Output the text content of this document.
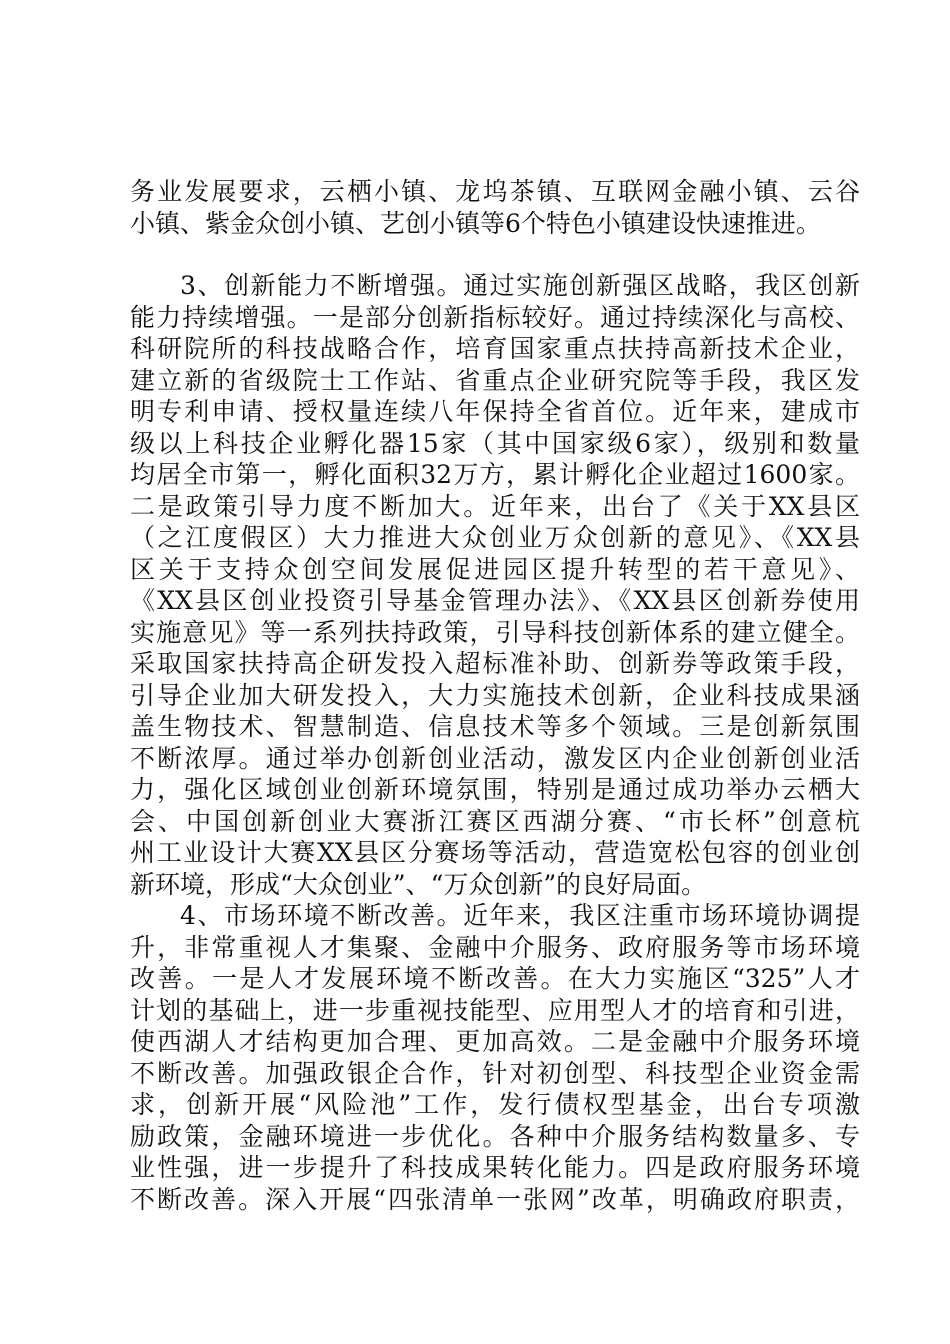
务业发展要求，云栖小镇、龙坞茶镇、互联网金融小镇、云谷
小镇、紫金众创小镇、艺创小镇等6个特色小镇建设快速推进。
3、创新能力不断增强。通过实施创新强区战略，我区创新
能力持续增强。一是部分创新指标较好。通过持续深化与高校、
科研院所的科技战略合作，培育国家重点扶持高新技术企业，
建立新的省级院士工作站、省重点企业研究院等手段，我区发
明专利申请、授权量连续八年保持全省首位。近年来，建成市
级以上科技企业孵化器15家（其中国家级6家），级别和数量
均居全市第一，孵化面积32万方，累计孵化企业超过1600家。
二是政策引导力度不断加大。近年来，出台了《关于XX县区
（之江度假区）大力推进大众创业万众创新的意见》、《XX县
区关于支持众创空间发展促进园区提升转型的若干意见》、
《XX县区创业投资引导基金管理办法》、《XX县区创新券使用
实施意见》等一系列扶持政策，引导科技创新体系的建立健全。
采取国家扶持高企研发投入超标准补助、创新券等政策手段，
引导企业加大研发投入，大力实施技术创新，企业科技成果涵
盖生物技术、智慧制造、信息技术等多个领域。三是创新氛围
不断浓厚。通过举办创新创业活动，激发区内企业创新创业活
力，强化区域创业创新环境氛围，特别是通过成功举办云栖大
会、中国创新创业大赛浙江赛区西湖分赛、“市长杯”创意杭
州工业设计大赛XX县区分赛场等活动，营造宽松包容的创业创
新环境，形成“大众创业”、“万众创新”的良好局面。
4、市场环境不断改善。近年来，我区注重市场环境协调提
升，非常重视人才集聚、金融中介服务、政府服务等市场环境
改善。一是人才发展环境不断改善。在大力实施区“325”人才
计划的基础上，进一步重视技能型、应用型人才的培育和引进，
使西湖人才结构更加合理、更加高效。二是金融中介服务环境
不断改善。加强政银企合作，针对初创型、科技型企业资金需
求，创新开展“风险池”工作，发行债权型基金，出台专项激
励政策，金融环境进一步优化。各种中介服务结构数量多、专
业性强，进一步提升了科技成果转化能力。四是政府服务环境
不断改善。深入开展“四张清单一张网”改革，明确政府职责，
